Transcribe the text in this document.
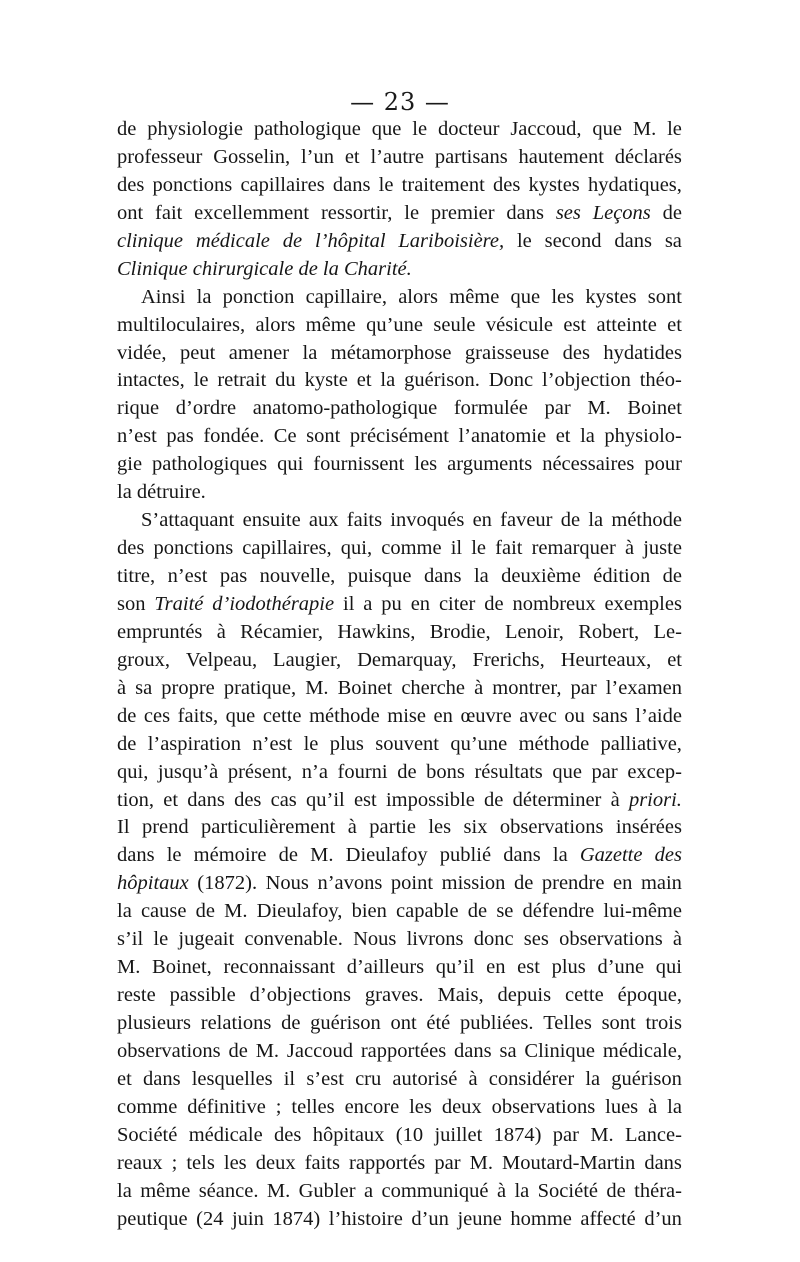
— 23 —
de physiologie pathologique que le docteur Jaccoud, que M. le
professeur Gosselin, l’un et l’autre partisans hautement déclarés
des ponctions capillaires dans le traitement des kystes hydatiques,
ont fait excellemment ressortir, le premier dans ses Leçons de
clinique médicale de l’hôpital Lariboisière, le second dans sa
Clinique chirurgicale de la Charité.
Ainsi la ponction capillaire, alors même que les kystes sont
multiloculaires, alors même qu’une seule vésicule est atteinte et
vidée, peut amener la métamorphose graisseuse des hydatides
intactes, le retrait du kyste et la guérison. Donc l’objection théo-
rique d’ordre anatomo-pathologique formulée par M. Boinet
n’est pas fondée. Ce sont précisément l’anatomie et la physiolo-
gie pathologiques qui fournissent les arguments nécessaires pour
la détruire.
S’attaquant ensuite aux faits invoqués en faveur de la méthode
des ponctions capillaires, qui, comme il le fait remarquer à juste
titre, n’est pas nouvelle, puisque dans la deuxième édition de
son Traité d’iodothérapie il a pu en citer de nombreux exemples
empruntés à Récamier, Hawkins, Brodie, Lenoir, Robert, Le-
groux, Velpeau, Laugier, Demarquay, Frerichs, Heurteaux, et
à sa propre pratique, M. Boinet cherche à montrer, par l’examen
de ces faits, que cette méthode mise en œuvre avec ou sans l’aide
de l’aspiration n’est le plus souvent qu’une méthode palliative,
qui, jusqu’à présent, n’a fourni de bons résultats que par excep-
tion, et dans des cas qu’il est impossible de déterminer à priori.
Il prend particulièrement à partie les six observations insérées
dans le mémoire de M. Dieulafoy publié dans la Gazette des
hôpitaux (1872). Nous n’avons point mission de prendre en main
la cause de M. Dieulafoy, bien capable de se défendre lui-même
s’il le jugeait convenable. Nous livrons donc ses observations à
M. Boinet, reconnaissant d’ailleurs qu’il en est plus d’une qui
reste passible d’objections graves. Mais, depuis cette époque,
plusieurs relations de guérison ont été publiées. Telles sont trois
observations de M. Jaccoud rapportées dans sa Clinique médicale,
et dans lesquelles il s’est cru autorisé à considérer la guérison
comme définitive ; telles encore les deux observations lues à la
Société médicale des hôpitaux (10 juillet 1874) par M. Lance-
reaux ; tels les deux faits rapportés par M. Moutard-Martin dans
la même séance. M. Gubler a communiqué à la Société de théra-
peutique (24 juin 1874) l’histoire d’un jeune homme affecté d’un
